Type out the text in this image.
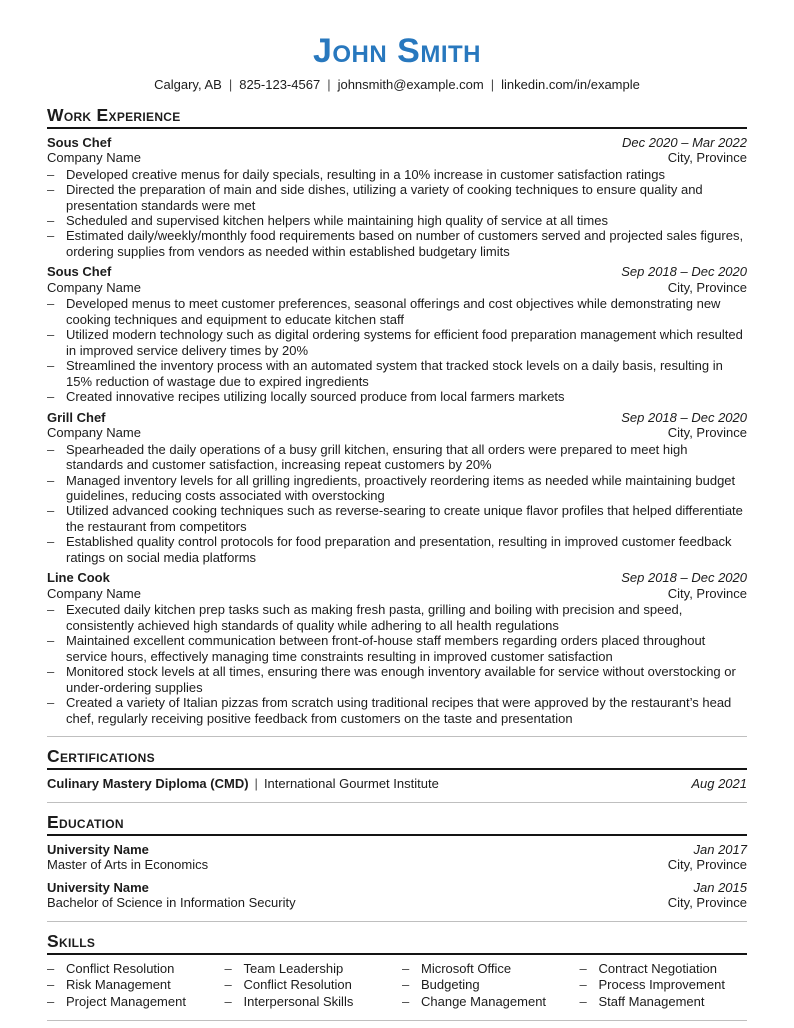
John Smith

Calgary, AB | 825-123-4567 | johnsmith@example.com | linkedin.com/in/example

Work Experience
Sous Chef	Dec 2020 – Mar 2022
Company Name	City, Province
– Developed creative menus for daily specials, resulting in a 10% increase in customer satisfaction ratings
– Directed the preparation of main and side dishes, utilizing a variety of cooking techniques to ensure quality and presentation standards were met
– Scheduled and supervised kitchen helpers while maintaining high quality of service at all times
– Estimated daily/weekly/monthly food requirements based on number of customers served and projected sales figures, ordering supplies from vendors as needed within established budgetary limits
Sous Chef	Sep 2018 – Dec 2020
Company Name	City, Province
– Developed menus to meet customer preferences, seasonal offerings and cost objectives while demonstrating new cooking techniques and equipment to educate kitchen staff
– Utilized modern technology such as digital ordering systems for efficient food preparation management which resulted in improved service delivery times by 20%
– Streamlined the inventory process with an automated system that tracked stock levels on a daily basis, resulting in 15% reduction of wastage due to expired ingredients
– Created innovative recipes utilizing locally sourced produce from local farmers markets
Grill Chef	Sep 2018 – Dec 2020
Company Name	City, Province
– Spearheaded the daily operations of a busy grill kitchen, ensuring that all orders were prepared to meet high standards and customer satisfaction, increasing repeat customers by 20%
– Managed inventory levels for all grilling ingredients, proactively reordering items as needed while maintaining budget guidelines, reducing costs associated with overstocking
– Utilized advanced cooking techniques such as reverse-searing to create unique flavor profiles that helped differentiate the restaurant from competitors
– Established quality control protocols for food preparation and presentation, resulting in improved customer feedback ratings on social media platforms
Line Cook	Sep 2018 – Dec 2020
Company Name	City, Province
– Executed daily kitchen prep tasks such as making fresh pasta, grilling and boiling with precision and speed, consistently achieved high standards of quality while adhering to all health regulations
– Maintained excellent communication between front-of-house staff members regarding orders placed throughout service hours, effectively managing time constraints resulting in improved customer satisfaction
– Monitored stock levels at all times, ensuring there was enough inventory available for service without overstocking or under-ordering supplies
– Created a variety of Italian pizzas from scratch using traditional recipes that were approved by the restaurant’s head chef, regularly receiving positive feedback from customers on the taste and presentation
Certifications
Culinary Mastery Diploma (CMD) | International Gourmet Institute	Aug 2021
Education
University Name	Jan 2017
Master of Arts in Economics	City, Province
University Name	Jan 2015
Bachelor of Science in Information Security	City, Province
Skills
– Conflict Resolution
– Risk Management
– Project Management
– Team Leadership
– Conflict Resolution
– Interpersonal Skills
– Microsoft Office
– Budgeting
– Change Management
– Contract Negotiation
– Process Improvement
– Staff Management
